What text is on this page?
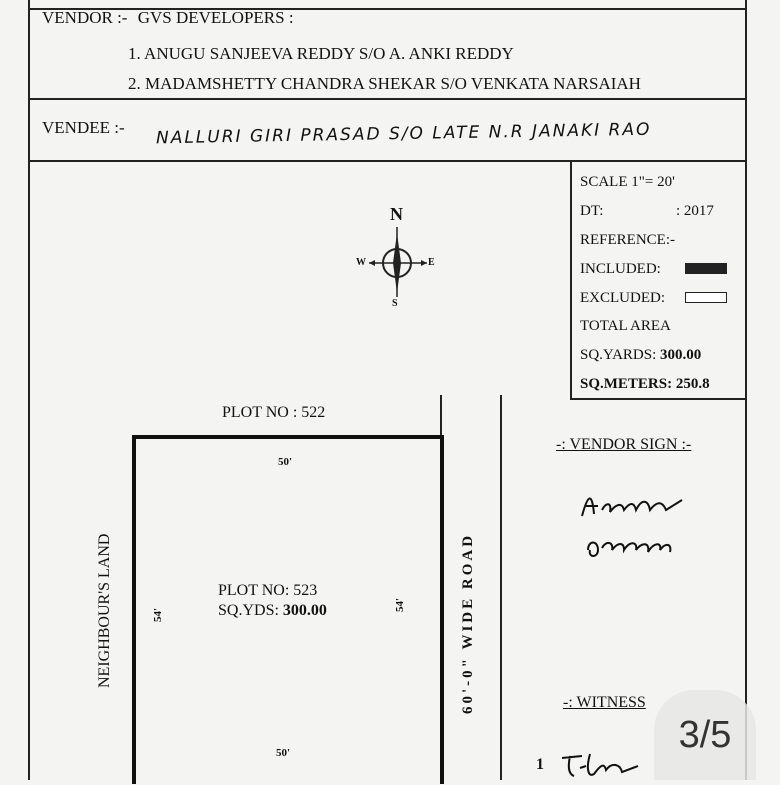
VENDOR :- GVS DEVELOPERS :
1. ANUGU SANJEEVA REDDY S/O A. ANKI REDDY
2. MADAMSHETTY CHANDRA SHEKAR S/O VENKATA NARSAIAH
VENDEE :- NALLURI GIRI PRASAD S/O LATE N.R JANAKI RAO
SCALE 1"= 20'
DT:	: 2017
REFERENCE:-
INCLUDED:
EXCLUDED:
TOTAL AREA
SQ.YARDS: 300.00
SQ.METERS: 250.8
N
W	E
S
PLOT NO : 522
50'
50'
54'
54'
PLOT NO: 523
SQ.YDS: 300.00
NEIGHBOUR'S LAND	60'-0" WIDE ROAD
-: VENDOR SIGN :-
-: WITNESS
1
3/5
